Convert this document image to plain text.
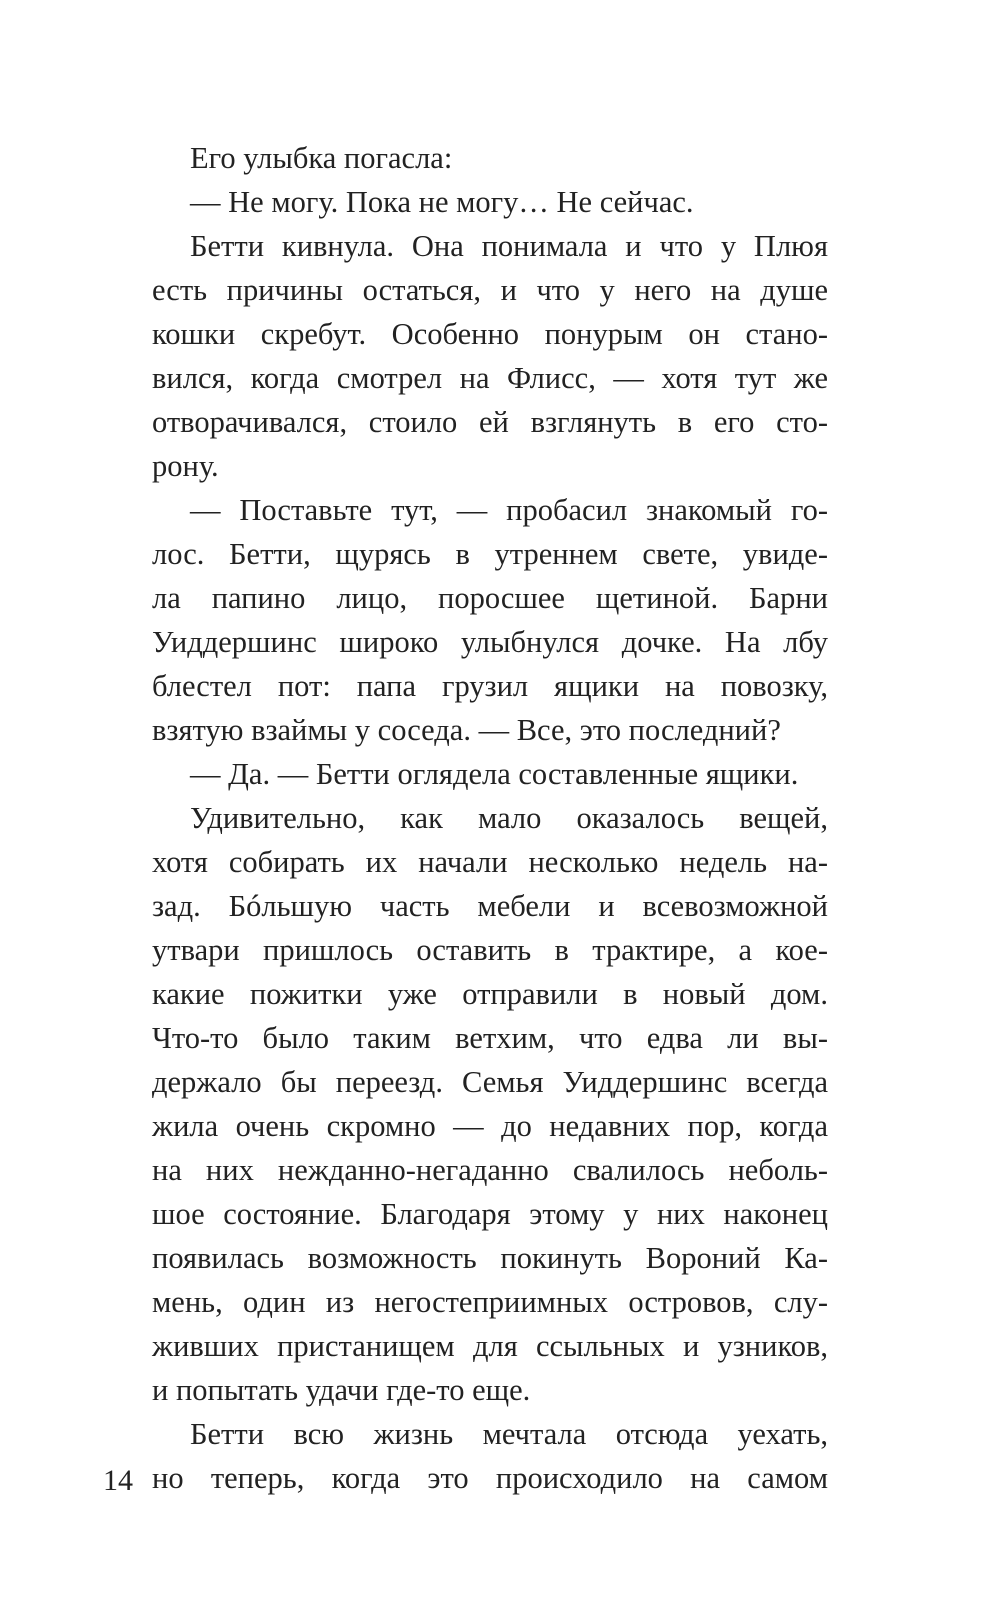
Его улыбка погасла:
— Не могу. Пока не могу… Не сейчас.
Бетти кивнула. Она понимала и что у Плюя
есть причины остаться, и что у него на душе
кошки скребут. Особенно понурым он стано-
вился, когда смотрел на Флисс, — хотя тут же
отворачивался, стоило ей взглянуть в его сто-
рону.
— Поставьте тут, — пробасил знакомый го-
лос. Бетти, щурясь в утреннем свете, увиде-
ла папино лицо, поросшее щетиной. Барни
Уиддершинс широко улыбнулся дочке. На лбу
блестел пот: папа грузил ящики на повозку,
взятую взаймы у соседа. — Все, это последний?
— Да. — Бетти оглядела составленные ящики.
Удивительно, как мало оказалось вещей,
хотя собирать их начали несколько недель на-
зад. Бóльшую часть мебели и всевозможной
утвари пришлось оставить в трактире, а кое-
какие пожитки уже отправили в новый дом.
Что-то было таким ветхим, что едва ли вы-
держало бы переезд. Семья Уиддершинс всегда
жила очень скромно — до недавних пор, когда
на них нежданно-негаданно свалилось неболь-
шое состояние. Благодаря этому у них наконец
появилась возможность покинуть Вороний Ка-
мень, один из негостеприимных островов, слу-
живших пристанищем для ссыльных и узников,
и попытать удачи где-то еще.
Бетти всю жизнь мечтала отсюда уехать,
но теперь, когда это происходило на самом
14
